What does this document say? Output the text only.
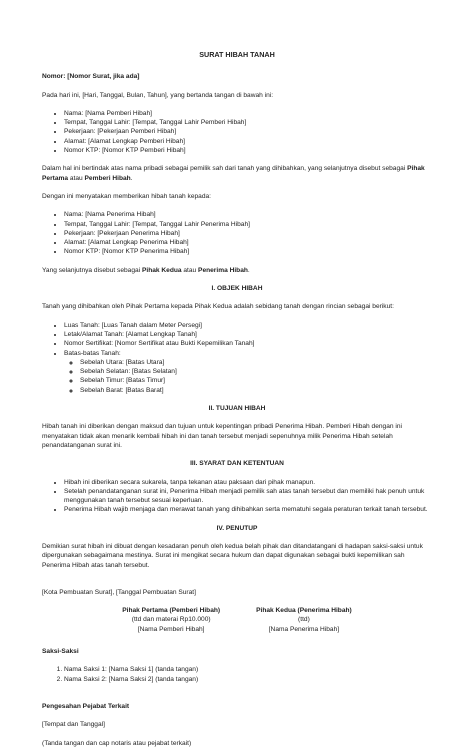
SURAT HIBAH TANAH
Nomor: [Nomor Surat, jika ada]

Pada hari ini, [Hari, Tanggal, Bulan, Tahun], yang bertanda tangan di bawah ini:

• Nama: [Nama Pemberi Hibah]
• Tempat, Tanggal Lahir: [Tempat, Tanggal Lahir Pemberi Hibah]
• Pekerjaan: [Pekerjaan Pemberi Hibah]
• Alamat: [Alamat Lengkap Pemberi Hibah]
• Nomor KTP: [Nomor KTP Pemberi Hibah]

Dalam hal ini bertindak atas nama pribadi sebagai pemilik sah dari tanah yang dihibahkan, yang selanjutnya disebut sebagai Pihak Pertama atau Pemberi Hibah.

Dengan ini menyatakan memberikan hibah tanah kepada:

• Nama: [Nama Penerima Hibah]
• Tempat, Tanggal Lahir: [Tempat, Tanggal Lahir Penerima Hibah]
• Pekerjaan: [Pekerjaan Penerima Hibah]
• Alamat: [Alamat Lengkap Penerima Hibah]
• Nomor KTP: [Nomor KTP Penerima Hibah]

Yang selanjutnya disebut sebagai Pihak Kedua atau Penerima Hibah.

I. OBJEK HIBAH

Tanah yang dihibahkan oleh Pihak Pertama kepada Pihak Kedua adalah sebidang tanah dengan rincian sebagai berikut:

• Luas Tanah: [Luas Tanah dalam Meter Persegi]
• Letak/Alamat Tanah: [Alamat Lengkap Tanah]
• Nomor Sertifikat: [Nomor Sertifikat atau Bukti Kepemilikan Tanah]
• Batas-batas Tanah:
◦ Sebelah Utara: [Batas Utara]
◦ Sebelah Selatan: [Batas Selatan]
◦ Sebelah Timur: [Batas Timur]
◦ Sebelah Barat: [Batas Barat]
II. TUJUAN HIBAH

Hibah tanah ini diberikan dengan maksud dan tujuan untuk kepentingan pribadi Penerima Hibah. Pemberi Hibah dengan ini menyatakan tidak akan menarik kembali hibah ini dan tanah tersebut menjadi sepenuhnya milik Penerima Hibah setelah penandatanganan surat ini.

III. SYARAT DAN KETENTUAN
• Hibah ini diberikan secara sukarela, tanpa tekanan atau paksaan dari pihak manapun.
• Setelah penandatanganan surat ini, Penerima Hibah menjadi pemilik sah atas tanah tersebut dan memiliki hak penuh untuk menggunakan tanah tersebut sesuai keperluan.
• Penerima Hibah wajib menjaga dan merawat tanah yang dihibahkan serta mematuhi segala peraturan terkait tanah tersebut.
IV. PENUTUP

Demikian surat hibah ini dibuat dengan kesadaran penuh oleh kedua belah pihak dan ditandatangani di hadapan saksi-saksi untuk dipergunakan sebagaimana mestinya. Surat ini mengikat secara hukum dan dapat digunakan sebagai bukti kepemilikan sah Penerima Hibah atas tanah tersebut.

[Kota Pembuatan Surat], [Tanggal Pembuatan Surat]

Pihak Pertama (Pemberi Hibah)
(ttd dan materai Rp10.000)
[Nama Pemberi Hibah]
Pihak Kedua (Penerima Hibah)
(ttd)
[Nama Penerima Hibah]
Saksi-Saksi
1. Nama Saksi 1: [Nama Saksi 1] (tanda tangan)
2. Nama Saksi 2: [Nama Saksi 2] (tanda tangan)
Pengesahan Pejabat Terkait

[Tempat dan Tanggal]

(Tanda tangan dan cap notaris atau pejabat terkait)
